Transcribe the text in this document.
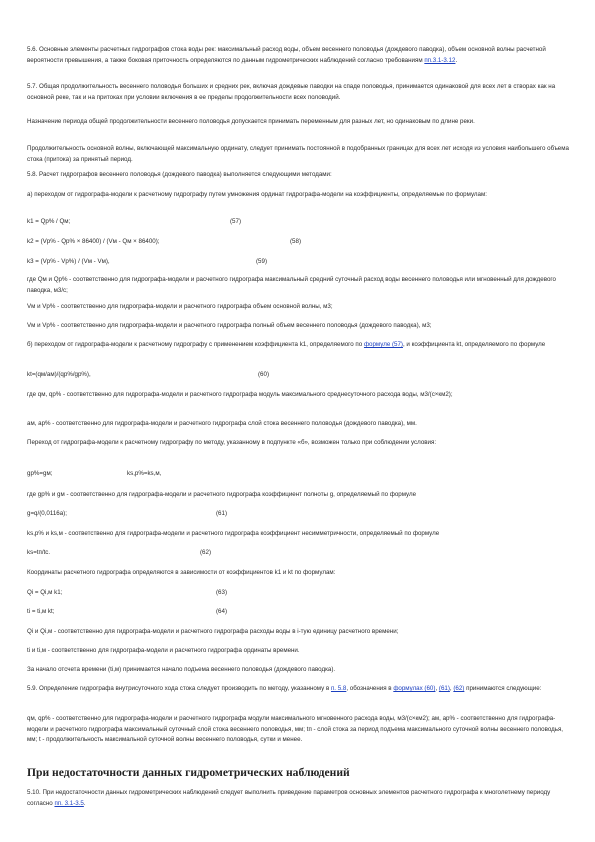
5.6. Основные элементы расчетных гидрографов стока воды рек: максимальный расход воды, объем весеннего половодья (дождевого паводка), объем основной волны расчетной вероятности превышения, а также боковая приточность определяются по данным гидрометрических наблюдений согласно требованиям пп.3.1-3.12.

5.7. Общая продолжительность весеннего половодья больших и средних рек, включая дождевые паводки на спаде половодья, принимается одинаковой для всех лет в створах как на основной реке, так и на притоках при условии включения в ее пределы продолжительности всех половодий.

Назначение периода общей продолжительности весеннего половодья допускается принимать переменным для разных лет, но одинаковым по длине реки.

Продолжительность основной волны, включающей максимальную ординату, следует принимать постоянной в подобранных границах для всех лет исходя из условия наибольшего объема стока (притока) за принятый период.

5.8. Расчет гидрографов весеннего половодья (дождевого паводка) выполняется следующими методами:

а) переходом от гидрографа-модели к расчетному гидрографу путем умножения ординат гидрографа-модели на коэффициенты, определяемые по формулам:

k1 = Qp% / Qм;	(57)
k2 = (Vp% - Qp% × 86400) / (Vм - Qм × 86400);	(58)
k3 = (Vp% - Vp%) / (Vм - Vм),	(59)

где Qм и Qp% - соответственно для гидрографа-модели и расчетного гидрографа максимальный средний суточный расход воды весеннего половодья или мгновенный для дождевого паводка, м3/с;

Vм и Vp% - соответственно для гидрографа-модели и расчетного гидрографа объем основной волны, м3;

Vм и Vp% - соответственно для гидрографа-модели и расчетного гидрографа полный объем весеннего половодья (дождевого паводка), м3;

б) переходом от гидрографа-модели к расчетному гидрографу с применением коэффициента k1, определяемого по формуле (57), и коэффициента kt, определяемого по формуле

kt=(qм/aм)/(qp%/gp%),	(60)

где qм, qp% - соответственно для гидрографа-модели и расчетного гидрографа модуль максимального среднесуточного расхода воды, м3/(с×км2);

aм, ap% - соответственно для гидрографа-модели и расчетного гидрографа слой стока весеннего половодья (дождевого паводка), мм.

Переход от гидрографа-модели к расчетному гидрографу по методу, указанному в подпункте «б», возможен только при соблюдении условия:

gp%=gм;	ks,p%=ks,м,

где gp% и gм - соответственно для гидрографа-модели и расчетного гидрографа коэффициент полноты g, определяемый по формуле

g=q/(0,0116a);	(61)

ks,p% и ks,м - соответственно для гидрографа-модели и расчетного гидрографа коэффициент несимметричности, определяемый по формуле

ks=tп/tс.	(62)

Координаты расчетного гидрографа определяются в зависимости от коэффициентов k1 и kt по формулам:

Qi = Qi,м k1;	(63)
ti = ti,м kt;	(64)

Qi и Qi,м - соответственно для гидрографа-модели и расчетного гидрографа расходы воды в i-тую единицу расчетного времени;

ti и ti,м - соответственно для гидрографа-модели и расчетного гидрографа ординаты времени.

За начало отсчета времени (ti,м) принимается начало подъема весеннего половодья (дождевого паводка).

5.9. Определение гидрографа внутрисуточного хода стока следует производить по методу, указанному в п. 5.8, обозначения в формулах (60), (61), (62) принимаются следующие:

qм, qp% - соответственно для гидрографа-модели и расчетного гидрографа модули максимального мгновенного расхода воды, м3/(с×км2); aм, ap% - соответственно для гидрографа-модели и расчетного гидрографа максимальный суточный слой стока весеннего половодья, мм; tп - слой стока за период подъема максимального суточной волны весеннего половодья, мм; t - продолжительность максимальной суточной волны весеннего половодья, сутки и менее.

При недостаточности данных гидрометрических наблюдений

5.10. При недостаточности данных гидрометрических наблюдений следует выполнить приведение параметров основных элементов расчетного гидрографа к многолетнему периоду согласно пп. 3.1-3.5.
